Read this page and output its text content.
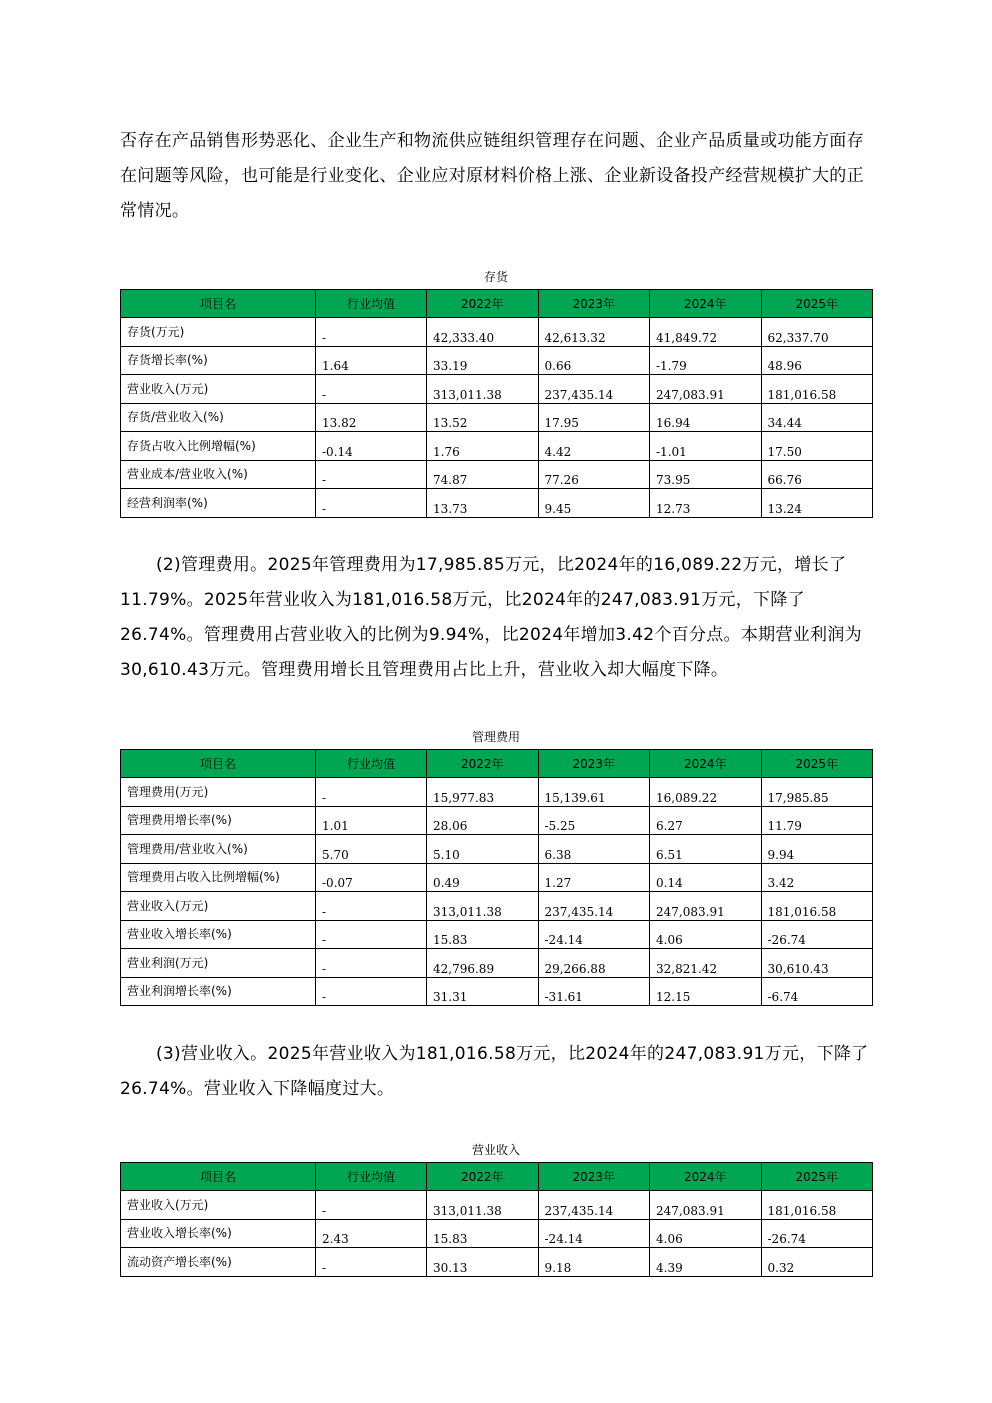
否存在产品销售形势恶化、企业生产和物流供应链组织管理存在问题、企业产品质量或功能方面存在问题等风险，也可能是行业变化、企业应对原材料价格上涨、企业新设备投产经营规模扩大的正常情况。

存货
项目名	行业均值	2022年	2023年	2024年	2025年
存货(万元)	-	42,333.40	42,613.32	41,849.72	62,337.70
存货增长率(%)	1.64	33.19	0.66	-1.79	48.96
营业收入(万元)	-	313,011.38	237,435.14	247,083.91	181,016.58
存货/营业收入(%)	13.82	13.52	17.95	16.94	34.44
存货占收入比例增幅(%)	-0.14	1.76	4.42	-1.01	17.50
营业成本/营业收入(%)	-	74.87	77.26	73.95	66.76
经营利润率(%)	-	13.73	9.45	12.73	13.24

(2)管理费用。2025年管理费用为17,985.85万元，比2024年的16,089.22万元，增长了11.79%。2025年营业收入为181,016.58万元，比2024年的247,083.91万元，下降了26.74%。管理费用占营业收入的比例为9.94%，比2024年增加3.42个百分点。本期营业利润为30,610.43万元。管理费用增长且管理费用占比上升，营业收入却大幅度下降。

管理费用
项目名	行业均值	2022年	2023年	2024年	2025年
管理费用(万元)	-	15,977.83	15,139.61	16,089.22	17,985.85
管理费用增长率(%)	1.01	28.06	-5.25	6.27	11.79
管理费用/营业收入(%)	5.70	5.10	6.38	6.51	9.94
管理费用占收入比例增幅(%)	-0.07	0.49	1.27	0.14	3.42
营业收入(万元)	-	313,011.38	237,435.14	247,083.91	181,016.58
营业收入增长率(%)	-	15.83	-24.14	4.06	-26.74
营业利润(万元)	-	42,796.89	29,266.88	32,821.42	30,610.43
营业利润增长率(%)	-	31.31	-31.61	12.15	-6.74

(3)营业收入。2025年营业收入为181,016.58万元，比2024年的247,083.91万元，下降了26.74%。营业收入下降幅度过大。

营业收入
项目名	行业均值	2022年	2023年	2024年	2025年
营业收入(万元)	-	313,011.38	237,435.14	247,083.91	181,016.58
营业收入增长率(%)	2.43	15.83	-24.14	4.06	-26.74
流动资产增长率(%)	-	30.13	9.18	4.39	0.32
